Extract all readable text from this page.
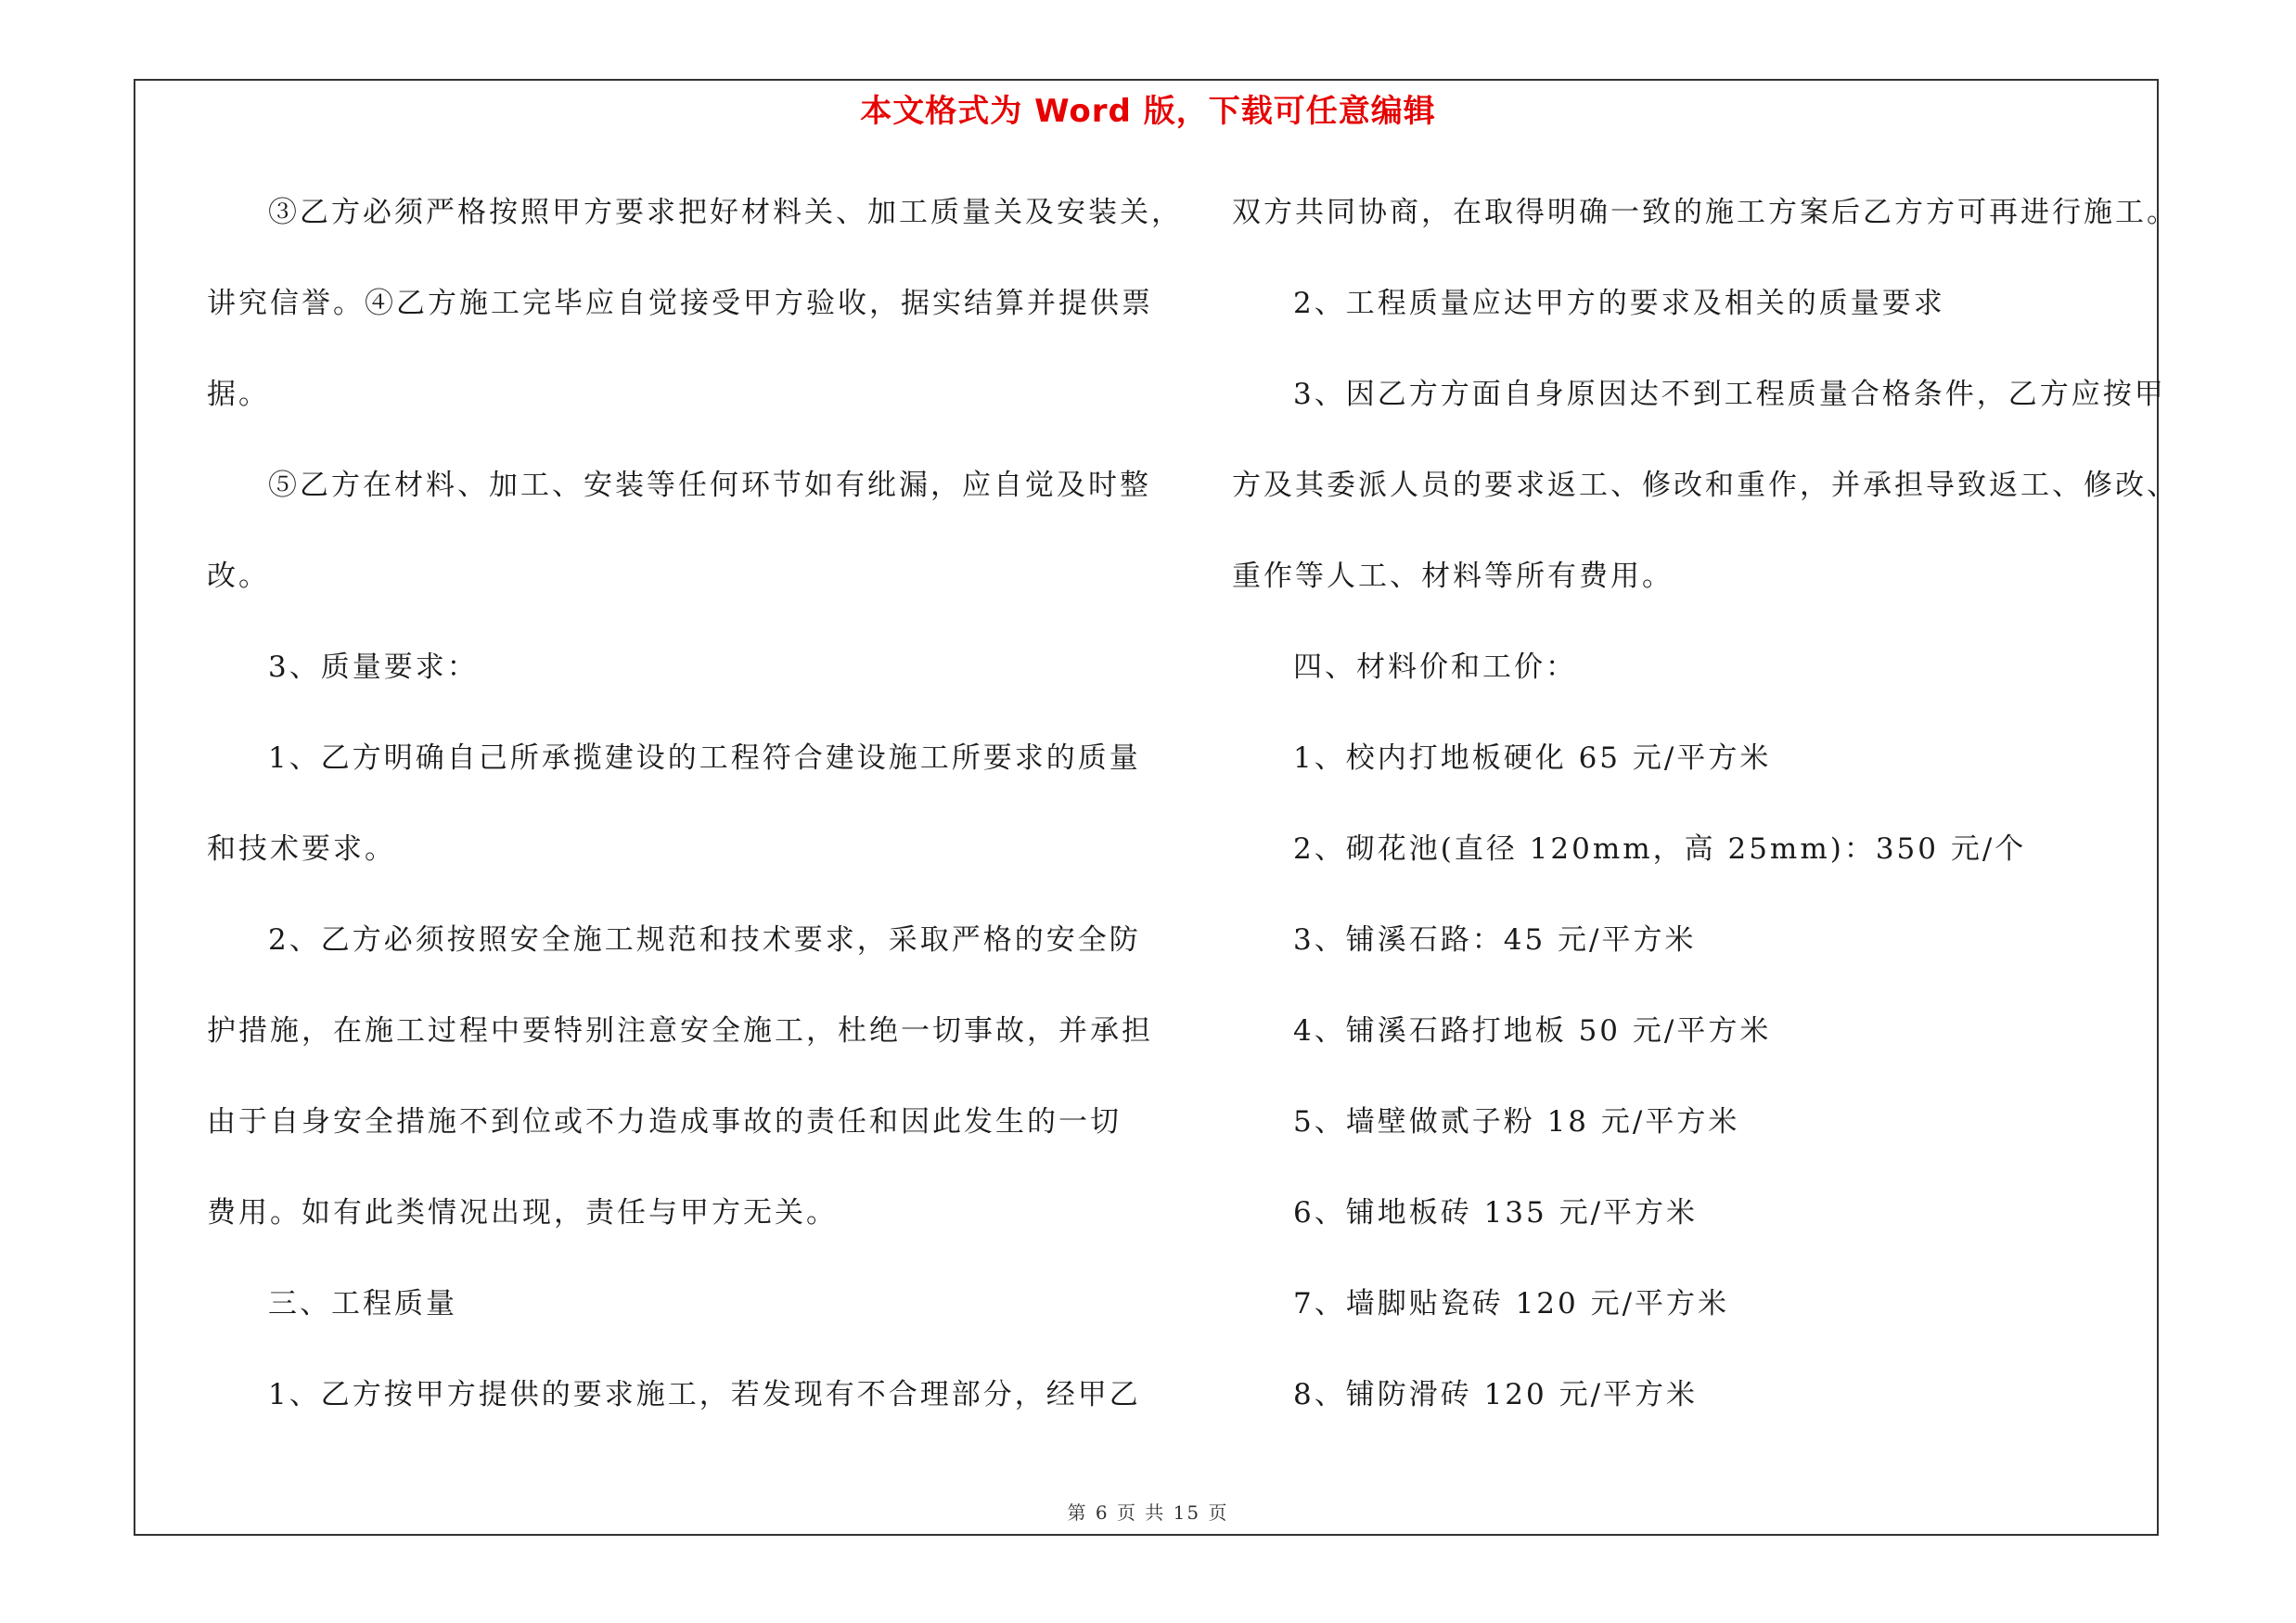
本文格式为 Word 版，下载可任意编辑
③乙方必须严格按照甲方要求把好材料关、加工质量关及安装关，
讲究信誉。④乙方施工完毕应自觉接受甲方验收，据实结算并提供票
据。
⑤乙方在材料、加工、安装等任何环节如有纰漏，应自觉及时整
改。
3、质量要求：
1、乙方明确自己所承揽建设的工程符合建设施工所要求的质量
和技术要求。
2、乙方必须按照安全施工规范和技术要求，采取严格的安全防
护措施，在施工过程中要特别注意安全施工，杜绝一切事故，并承担
由于自身安全措施不到位或不力造成事故的责任和因此发生的一切
费用。如有此类情况出现，责任与甲方无关。
三、工程质量
1、乙方按甲方提供的要求施工，若发现有不合理部分，经甲乙
双方共同协商，在取得明确一致的施工方案后乙方方可再进行施工。
2、工程质量应达甲方的要求及相关的质量要求
3、因乙方方面自身原因达不到工程质量合格条件，乙方应按甲
方及其委派人员的要求返工、修改和重作，并承担导致返工、修改、
重作等人工、材料等所有费用。
四、材料价和工价：
1、校内打地板硬化 65 元/平方米
2、砌花池(直径 120mm，高 25mm)：350 元/个
3、铺溪石路：45 元/平方米
4、铺溪石路打地板 50 元/平方米
5、墙壁做贰子粉 18 元/平方米
6、铺地板砖 135 元/平方米
7、墙脚贴瓷砖 120 元/平方米
8、铺防滑砖 120 元/平方米
第 6 页 共 15 页
